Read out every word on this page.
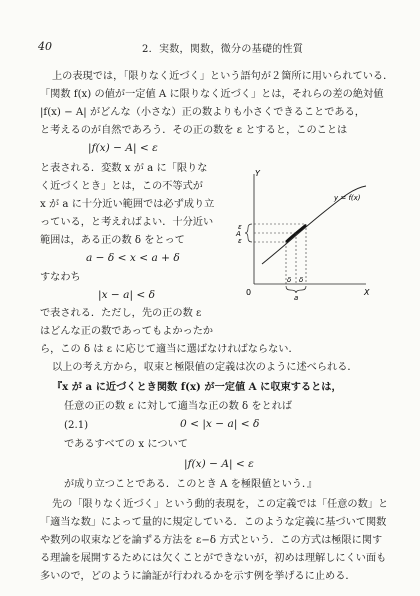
40	2．実数，関数，微分の基礎的性質
上の表現では，「限りなく近づく」という語句が２箇所に用いられている．
「関数 f(x) の値が一定値 A に限りなく近づく」とは，それらの差の絶対値
|f(x) − A| がどんな（小さな）正の数よりも小さくできることである，
と考えるのが自然であろう．その正の数を ε とすると，このことは
|f(x) − A| < ε
と表される．変数 x が a に「限りな
く近づくとき」とは，この不等式が
x が a に十分近い範囲では必ず成り立
っている，と考えればよい．十分近い
範囲は，ある正の数 δ をとって
a − δ < x < a + δ
すなわち
|x − a| < δ
で表される．ただし，先の正の数 ε
はどんな正の数であってもよかったか
ら，この δ は ε に応じて適当に選ばなければならない．
以上の考え方から，収束と極限値の定義は次のように述べられる．
『x が a に近づくとき関数 f(x) が一定値 A に収束するとは，
任意の正の数 ε に対して適当な正の数 δ をとれば
(2.1)	0 < |x − a| < δ
であるすべての x について
|f(x) − A| < ε
が成り立つことである．このとき A を極限値という．』
先の「限りなく近づく」という動的表現を，この定義では「任意の数」と
「適当な数」によって量的に規定している．このような定義に基づいて関数
や数列の収束などを論ずる方法を ε−δ 方式という．この方式は極限に関す
る理論を展開するためには欠くことができないが，初めは理解しにくい面も
多いので，どのように論証が行われるかを示す例を挙げるに止める．
Y
X
0
y = f(x)
ε
A
ε
δ δ
a
